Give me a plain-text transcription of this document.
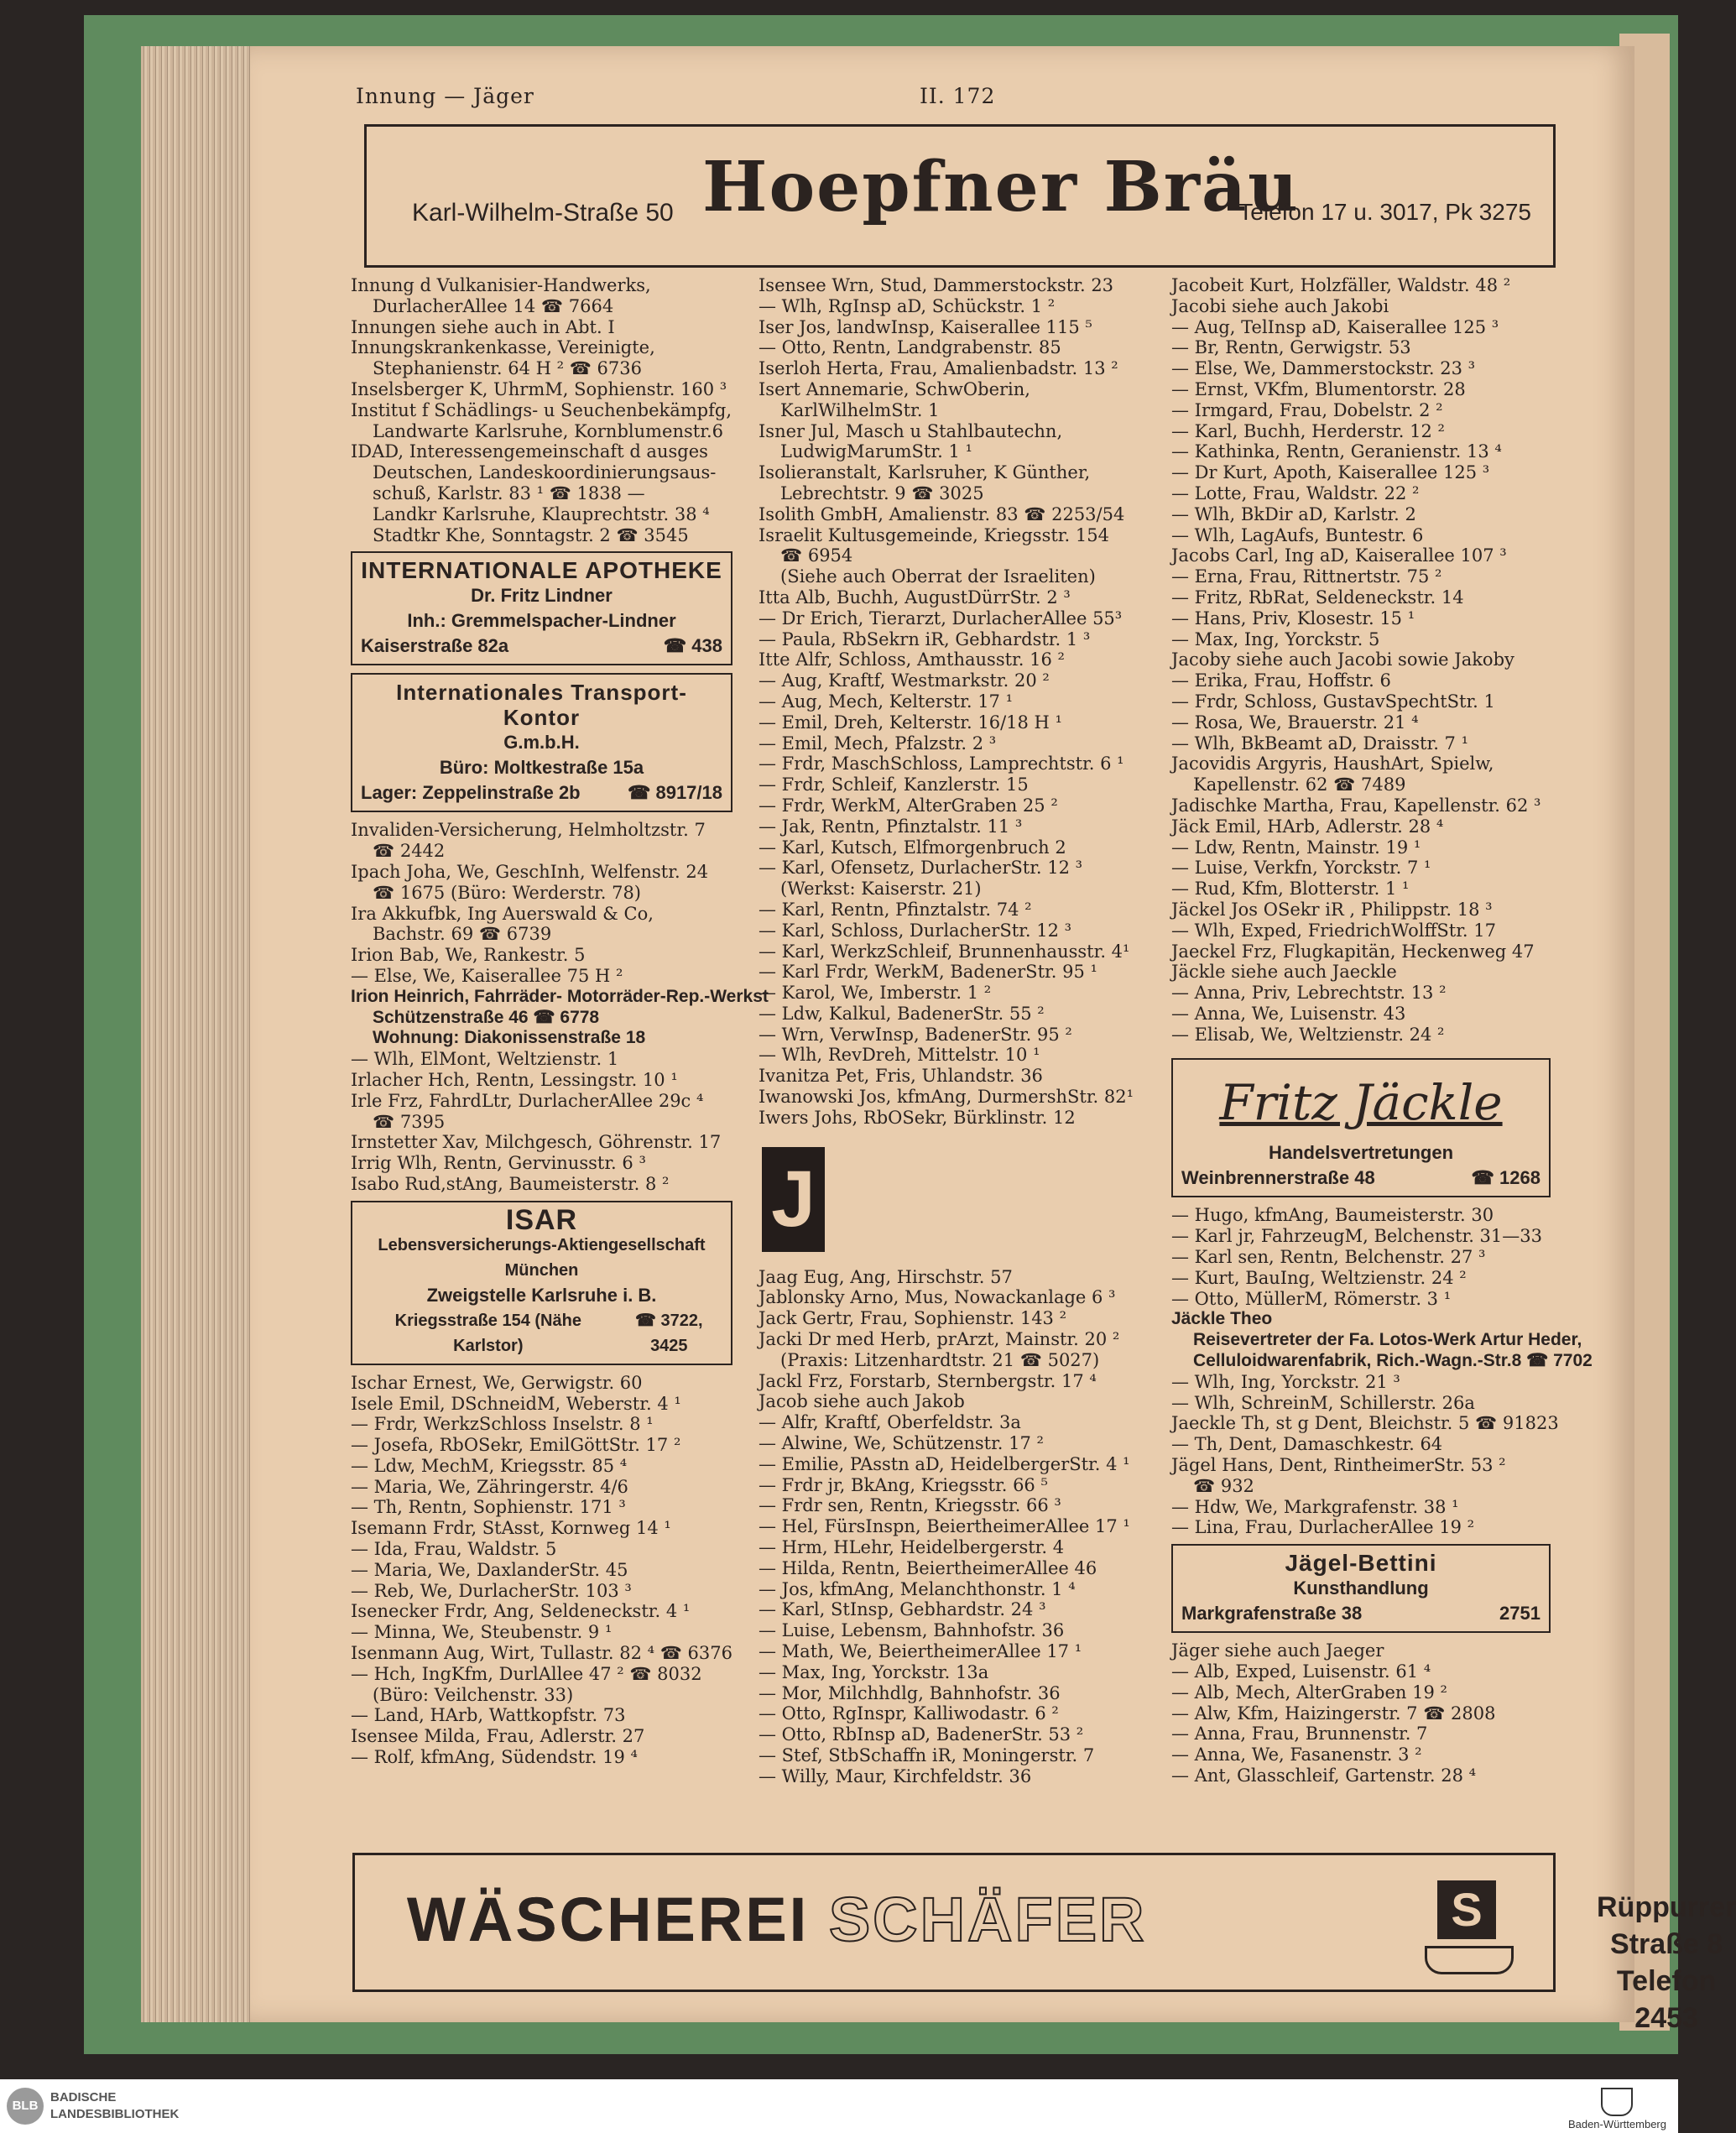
Innung — Jäger	II. 172
Karl-Wilhelm-Straße 50 Hoepfner Bräu
Telefon 17 u. 3017, Pk 3275
Innung d Vulkanisier-Handwerks,
DurlacherAllee 14 ☎ 7664
Innungen siehe auch in Abt. I
Innungskrankenkasse, Vereinigte,
Stephanienstr. 64 H ² ☎ 6736
Inselsberger K, UhrmM, Sophienstr. 160 ³
Institut f Schädlings- u Seuchenbekämpfg,
Landwarte Karlsruhe, Kornblumenstr.6
IDAD, Interessengemeinschaft d ausges
Deutschen, Landeskoordinierungsaus-
schuß, Karlstr. 83 ¹ ☎ 1838 —
Landkr Karlsruhe, Klauprechtstr. 38 ⁴
Stadtkr Khe, Sonntagstr. 2 ☎ 3545
INTERNATIONALE APOTHEKE
Dr. Fritz Lindner
Inh.: Gremmelspacher-Lindner
Kaiserstraße 82a	☎ 438
Internationales Transport-Kontor
G.m.b.H.
Büro: Moltkestraße 15a
Lager: Zeppelinstraße 2b	☎ 8917/18
Invaliden-Versicherung, Helmholtzstr. 7
☎ 2442
Ipach Joha, We, GeschInh, Welfenstr. 24
☎ 1675 (Büro: Werderstr. 78)
Ira Akkufbk, Ing Auerswald & Co,
Bachstr. 69 ☎ 6739
Irion Bab, We, Rankestr. 5
— Else, We, Kaiserallee 75 H ²
Irion Heinrich, Fahrräder- Motorräder-Rep.-Werkst
Schützenstraße 46 ☎ 6778
Wohnung: Diakonissenstraße 18
— Wlh, ElMont, Weltzienstr. 1
Irlacher Hch, Rentn, Lessingstr. 10 ¹
Irle Frz, FahrdLtr, DurlacherAllee 29c ⁴
☎ 7395
Irnstetter Xav, Milchgesch, Göhrenstr. 17
Irrig Wlh, Rentn, Gervinusstr. 6 ³
Isabo Rud,stAng, Baumeisterstr. 8 ²
ISAR
Lebensversicherungs-Aktiengesellschaft München
Zweigstelle Karlsruhe i. B.
Kriegsstraße 154 (Nähe Karlstor)
☎ 3722, 3425
Ischar Ernest, We, Gerwigstr. 60
Isele Emil, DSchneidM, Weberstr. 4 ¹
— Frdr, WerkzSchloss Inselstr. 8 ¹
— Josefa, RbOSekr, EmilGöttStr. 17 ²
— Ldw, MechM, Kriegsstr. 85 ⁴
— Maria, We, Zähringerstr. 4/6
— Th, Rentn, Sophienstr. 171 ³
Isemann Frdr, StAsst, Kornweg 14 ¹
— Ida, Frau, Waldstr. 5
— Maria, We, DaxlanderStr. 45
— Reb, We, DurlacherStr. 103 ³
Isenecker Frdr, Ang, Seldeneckstr. 4 ¹
— Minna, We, Steubenstr. 9 ¹
Isenmann Aug, Wirt, Tullastr. 82 ⁴ ☎ 6376
— Hch, IngKfm, DurlAllee 47 ² ☎ 8032
(Büro: Veilchenstr. 33)
— Land, HArb, Wattkopfstr. 73
Isensee Milda, Frau, Adlerstr. 27
— Rolf, kfmAng, Südendstr. 19 ⁴
Isensee Wrn, Stud, Dammerstockstr. 23
— Wlh, RgInsp aD, Schückstr. 1 ²
Iser Jos, landwInsp, Kaiserallee 115 ⁵
— Otto, Rentn, Landgrabenstr. 85
Iserloh Herta, Frau, Amalienbadstr. 13 ²
Isert Annemarie, SchwOberin,
KarlWilhelmStr. 1
Isner Jul, Masch u Stahlbautechn,
LudwigMarumStr. 1 ¹
Isolieranstalt, Karlsruher, K Günther,
Lebrechtstr. 9 ☎ 3025
Isolith GmbH, Amalienstr. 83 ☎ 2253/54
Israelit Kultusgemeinde, Kriegsstr. 154
☎ 6954
(Siehe auch Oberrat der Israeliten)
Itta Alb, Buchh, AugustDürrStr. 2 ³
— Dr Erich, Tierarzt, DurlacherAllee 55³
— Paula, RbSekrn iR, Gebhardstr. 1 ³
Itte Alfr, Schloss, Amthausstr. 16 ²
— Aug, Kraftf, Westmarkstr. 20 ²
— Aug, Mech, Kelterstr. 17 ¹
— Emil, Dreh, Kelterstr. 16/18 H ¹
— Emil, Mech, Pfalzstr. 2 ³
— Frdr, MaschSchloss, Lamprechtstr. 6 ¹
— Frdr, Schleif, Kanzlerstr. 15
— Frdr, WerkM, AlterGraben 25 ²
— Jak, Rentn, Pfinztalstr. 11 ³
— Karl, Kutsch, Elfmorgenbruch 2
— Karl, Ofensetz, DurlacherStr. 12 ³
(Werkst: Kaiserstr. 21)
— Karl, Rentn, Pfinztalstr. 74 ²
— Karl, Schloss, DurlacherStr. 12 ³
— Karl, WerkzSchleif, Brunnenhausstr. 4¹
— Karl Frdr, WerkM, BadenerStr. 95 ¹
— Karol, We, Imberstr. 1 ²
— Ldw, Kalkul, BadenerStr. 55 ²
— Wrn, VerwInsp, BadenerStr. 95 ²
— Wlh, RevDreh, Mittelstr. 10 ¹
Ivanitza Pet, Fris, Uhlandstr. 36
Iwanowski Jos, kfmAng, DurmershStr. 82¹
Iwers Johs, RbOSekr, Bürklinstr. 12
J
Jaag Eug, Ang, Hirschstr. 57
Jablonsky Arno, Mus, Nowackanlage 6 ³
Jack Gertr, Frau, Sophienstr. 143 ²
Jacki Dr med Herb, prArzt, Mainstr. 20 ²
(Praxis: Litzenhardtstr. 21 ☎ 5027)
Jackl Frz, Forstarb, Sternbergstr. 17 ⁴
Jacob siehe auch Jakob
— Alfr, Kraftf, Oberfeldstr. 3a
— Alwine, We, Schützenstr. 17 ²
— Emilie, PAsstn aD, HeidelbergerStr. 4 ¹
— Frdr jr, BkAng, Kriegsstr. 66 ⁵
— Frdr sen, Rentn, Kriegsstr. 66 ³
— Hel, FürsInspn, BeiertheimerAllee 17 ¹
— Hrm, HLehr, Heidelbergerstr. 4
— Hilda, Rentn, BeiertheimerAllee 46
— Jos, kfmAng, Melanchthonstr. 1 ⁴
— Karl, StInsp, Gebhardstr. 24 ³
— Luise, Lebensm, Bahnhofstr. 36
— Math, We, BeiertheimerAllee 17 ¹
— Max, Ing, Yorckstr. 13a
— Mor, Milchhdlg, Bahnhofstr. 36
— Otto, RgInspr, Kalliwodastr. 6 ²
— Otto, RbInsp aD, BadenerStr. 53 ²
— Stef, StbSchaffn iR, Moningerstr. 7
— Willy, Maur, Kirchfeldstr. 36
Jacobeit Kurt, Holzfäller, Waldstr. 48 ²
Jacobi siehe auch Jakobi
— Aug, TelInsp aD, Kaiserallee 125 ³
— Br, Rentn, Gerwigstr. 53
— Else, We, Dammerstockstr. 23 ³
— Ernst, VKfm, Blumentorstr. 28
— Irmgard, Frau, Dobelstr. 2 ²
— Karl, Buchh, Herderstr. 12 ²
— Kathinka, Rentn, Geranienstr. 13 ⁴
— Dr Kurt, Apoth, Kaiserallee 125 ³
— Lotte, Frau, Waldstr. 22 ²
— Wlh, BkDir aD, Karlstr. 2
— Wlh, LagAufs, Buntestr. 6
Jacobs Carl, Ing aD, Kaiserallee 107 ³
— Erna, Frau, Rittnertstr. 75 ²
— Fritz, RbRat, Seldeneckstr. 14
— Hans, Priv, Klosestr. 15 ¹
— Max, Ing, Yorckstr. 5
Jacoby siehe auch Jacobi sowie Jakoby
— Erika, Frau, Hoffstr. 6
— Frdr, Schloss, GustavSpechtStr. 1
— Rosa, We, Brauerstr. 21 ⁴
— Wlh, BkBeamt aD, Draisstr. 7 ¹
Jacovidis Argyris, HaushArt, Spielw,
Kapellenstr. 62 ☎ 7489
Jadischke Martha, Frau, Kapellenstr. 62 ³
Jäck Emil, HArb, Adlerstr. 28 ⁴
— Ldw, Rentn, Mainstr. 19 ¹
— Luise, Verkfn, Yorckstr. 7 ¹
— Rud, Kfm, Blotterstr. 1 ¹
Jäckel Jos OSekr iR , Philippstr. 18 ³
— Wlh, Exped, FriedrichWolffStr. 17
Jaeckel Frz, Flugkapitän, Heckenweg 47
Jäckle siehe auch Jaeckle
— Anna, Priv, Lebrechtstr. 13 ²
— Anna, We, Luisenstr. 43
— Elisab, We, Weltzienstr. 24 ²
Fritz Jäckle
Handelsvertretungen
Weinbrennerstraße 48	☎ 1268
— Hugo, kfmAng, Baumeisterstr. 30
— Karl jr, FahrzeugM, Belchenstr. 31—33
— Karl sen, Rentn, Belchenstr. 27 ³
— Kurt, BauIng, Weltzienstr. 24 ²
— Otto, MüllerM, Römerstr. 3 ¹
Jäckle Theo
Reisevertreter der Fa. Lotos-Werk Artur Heder,
Celluloidwarenfabrik, Rich.-Wagn.-Str.8 ☎ 7702
— Wlh, Ing, Yorckstr. 21 ³
— Wlh, SchreinM, Schillerstr. 26a
Jaeckle Th, st g Dent, Bleichstr. 5 ☎ 91823
— Th, Dent, Damaschkestr. 64
Jägel Hans, Dent, RintheimerStr. 53 ²
☎ 932
— Hdw, We, Markgrafenstr. 38 ¹
— Lina, Frau, DurlacherAllee 19 ²
Jägel-Bettini
Kunsthandlung
Markgrafenstraße 38	2751
Jäger siehe auch Jaeger
— Alb, Exped, Luisenstr. 61 ⁴
— Alb, Mech, AlterGraben 19 ²
— Alw, Kfm, Haizingerstr. 7 ☎ 2808
— Anna, Frau, Brunnenstr. 7
— Anna, We, Fasanenstr. 3 ²
— Ant, Glasschleif, Gartenstr. 28 ⁴
WÄSCHEREI SCHÄFER	S	Rüppurrer Straße 8
Telefon 2453
BLB
BADISCHE
LANDESBIBLIOTHEK
Baden-Württemberg
